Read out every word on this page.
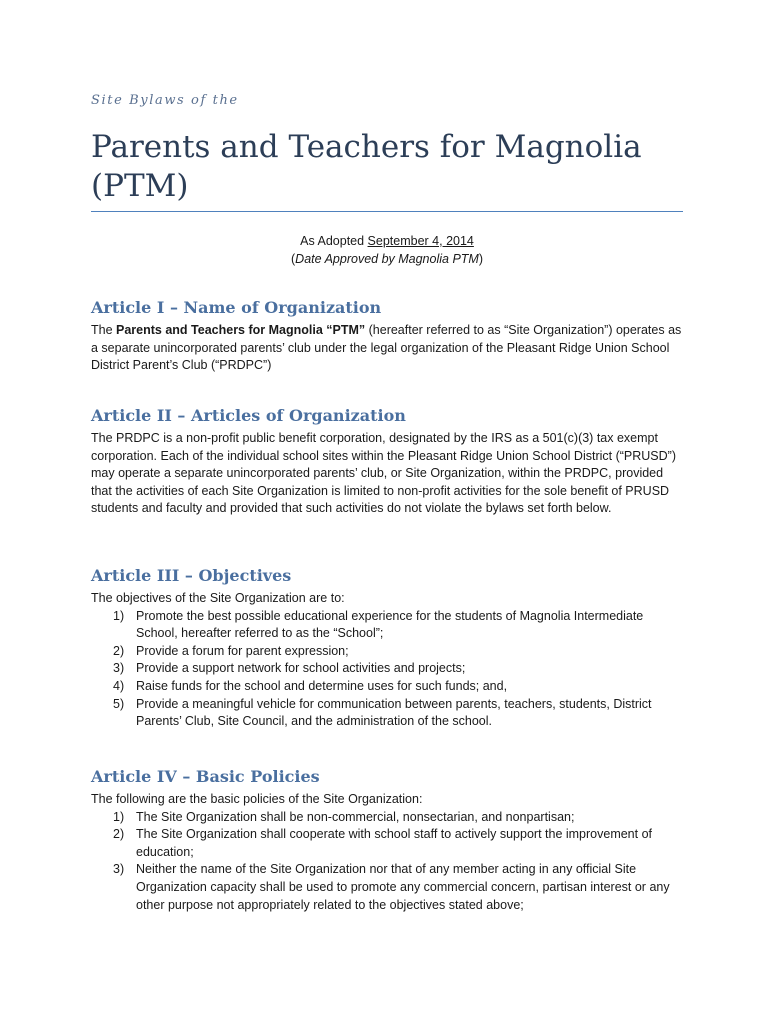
Site Bylaws of the

Parents and Teachers for Magnolia (PTM)
As Adopted September 4, 2014
(Date Approved by Magnolia PTM)
Article I – Name of Organization

The Parents and Teachers for Magnolia “PTM” (hereafter referred to as “Site Organization”) operates as a separate unincorporated parents’ club under the legal organization of the Pleasant Ridge Union School District Parent’s Club (“PRDPC”)

Article II – Articles of Organization

The PRDPC is a non-profit public benefit corporation, designated by the IRS as a 501(c)(3) tax exempt corporation. Each of the individual school sites within the Pleasant Ridge Union School District (“PRUSD”) may operate a separate unincorporated parents’ club, or Site Organization, within the PRDPC, provided that the activities of each Site Organization is limited to non-profit activities for the sole benefit of PRUSD students and faculty and provided that such activities do not violate the bylaws set forth below.

Article III – Objectives

The objectives of the Site Organization are to:

1) Promote the best possible educational experience for the students of Magnolia Intermediate School, hereafter referred to as the “School”;
2) Provide a forum for parent expression;
3) Provide a support network for school activities and projects;
4) Raise funds for the school and determine uses for such funds; and,
5) Provide a meaningful vehicle for communication between parents, teachers, students, District Parents’ Club, Site Council, and the administration of the school.
Article IV – Basic Policies

The following are the basic policies of the Site Organization:

1) The Site Organization shall be non-commercial, nonsectarian, and nonpartisan;
2) The Site Organization shall cooperate with school staff to actively support the improvement of education;
3) Neither the name of the Site Organization nor that of any member acting in any official Site Organization capacity shall be used to promote any commercial concern, partisan interest or any other purpose not appropriately related to the objectives stated above;
